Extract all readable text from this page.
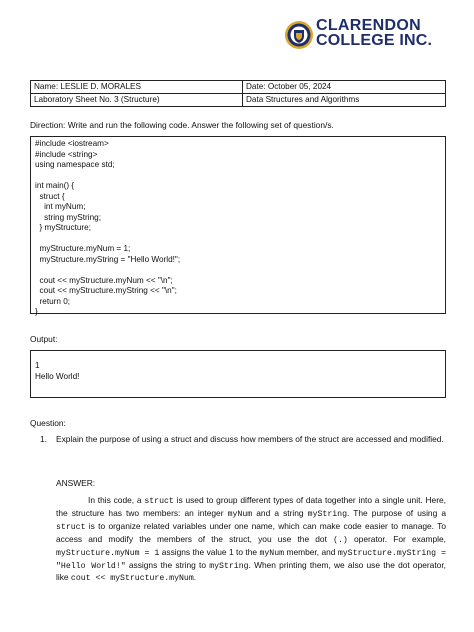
CLARENDON
COLLEGE INC.
Name: LESLIE D. MORALES	Date: October 05, 2024
Laboratory Sheet No. 3 (Structure)	Data Structures and Algorithms
Direction: Write and run the following code. Answer the following set of question/s.
#include <iostream>
#include <string>
using namespace std;
int main() {
struct {
int myNum;
string myString;
} myStructure;
myStructure.myNum = 1;
myStructure.myString = "Hello World!";
cout << myStructure.myNum << "\n";
cout << myStructure.myString << "\n";
return 0;
}
Output:
1
Hello World!
Question:
1. Explain the purpose of using a struct and discuss how members of the struct are accessed and modified.
ANSWER:
In this code, a struct is used to group different types of data together into a single unit. Here, the structure has two members: an integer myNum and a string myString. The purpose of using a struct is to organize related variables under one name, which can make code easier to manage. To access and modify the members of the struct, you use the dot (.) operator. For example, myStructure.myNum = 1 assigns the value 1 to the myNum member, and myStructure.myString = "Hello World!" assigns the string to myString. When printing them, we also use the dot operator, like cout << myStructure.myNum.
